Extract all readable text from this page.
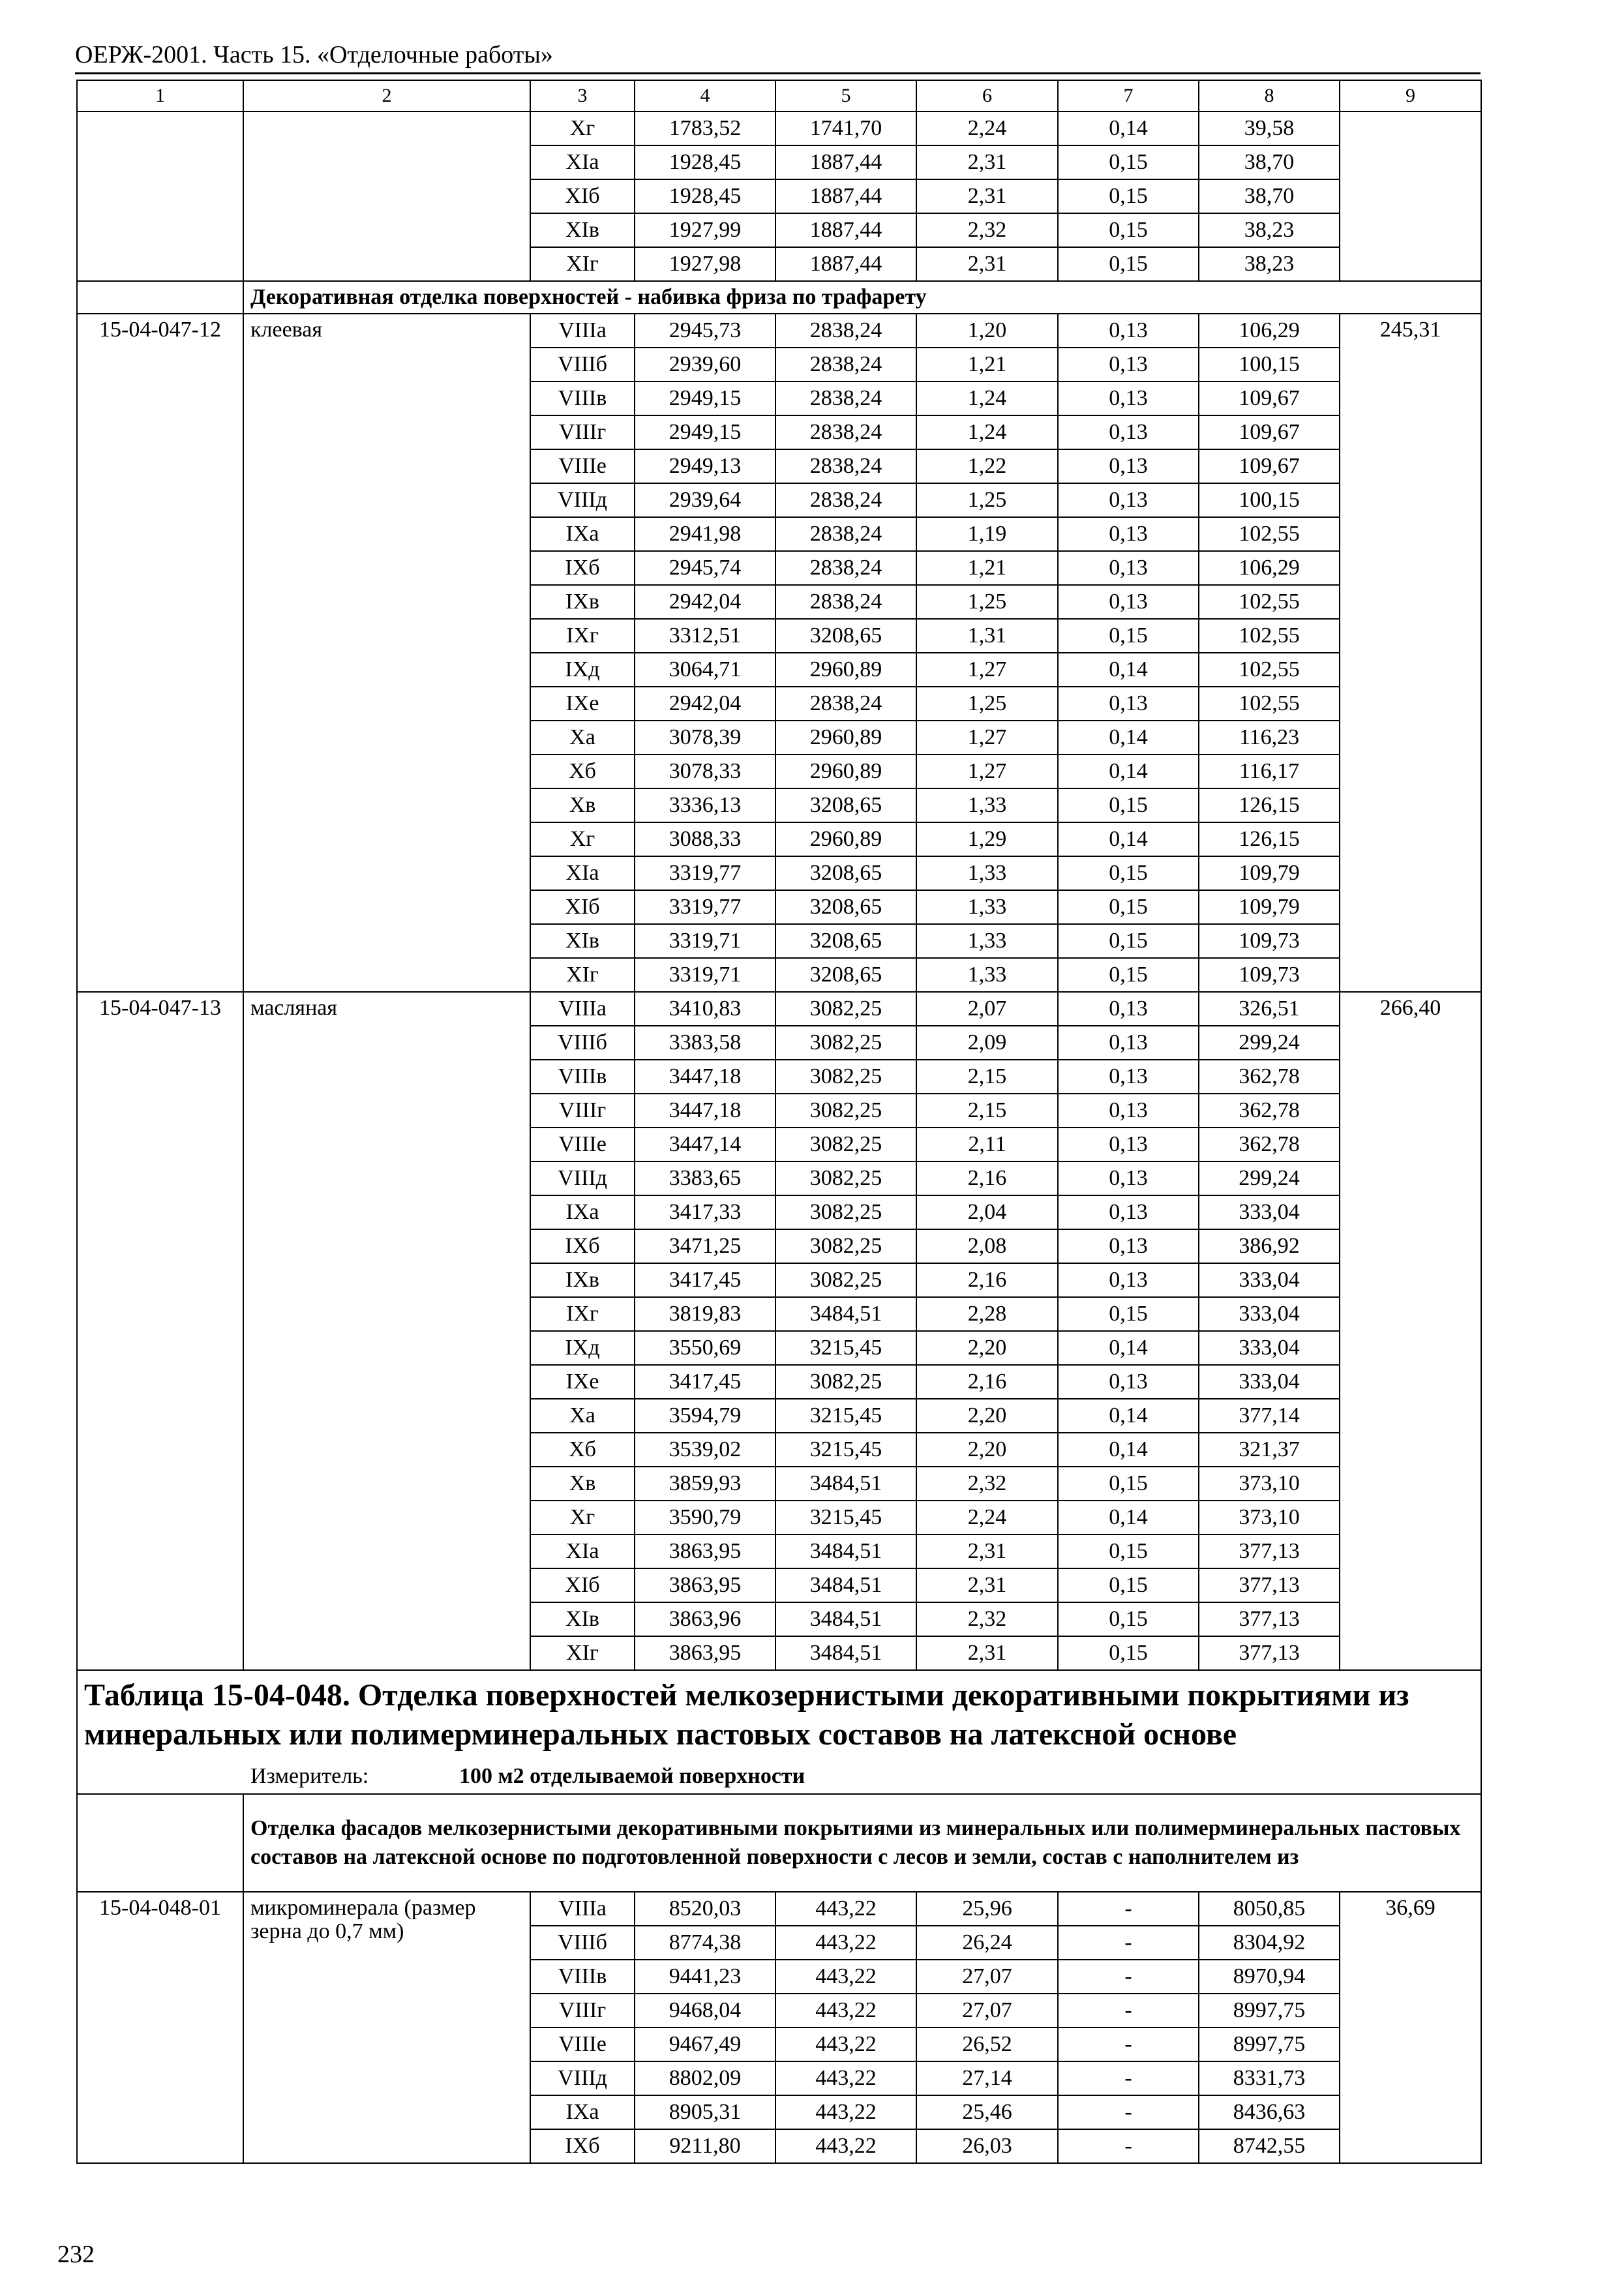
ОЕРЖ-2001. Часть 15. «Отделочные работы»
1	2	3	4	5	6	7	8	9
		Xг	1783,52	1741,70	2,24	0,14	39,58	
		XIа	1928,45	1887,44	2,31	0,15	38,70	
		XIб	1928,45	1887,44	2,31	0,15	38,70	
		XIв	1927,99	1887,44	2,32	0,15	38,23	
		XIг	1927,98	1887,44	2,31	0,15	38,23	
	Декоративная отделка поверхностей - набивка фриза по трафарету							
15-04-047-12	клеевая	VIIIа	2945,73	2838,24	1,20	0,13	106,29	245,31
		VIIIб	2939,60	2838,24	1,21	0,13	100,15	
		VIIIв	2949,15	2838,24	1,24	0,13	109,67	
		VIIIг	2949,15	2838,24	1,24	0,13	109,67	
		VIIIе	2949,13	2838,24	1,22	0,13	109,67	
		VIIIд	2939,64	2838,24	1,25	0,13	100,15	
		IXа	2941,98	2838,24	1,19	0,13	102,55	
		IXб	2945,74	2838,24	1,21	0,13	106,29	
		IXв	2942,04	2838,24	1,25	0,13	102,55	
		IXг	3312,51	3208,65	1,31	0,15	102,55	
		IXд	3064,71	2960,89	1,27	0,14	102,55	
		IXе	2942,04	2838,24	1,25	0,13	102,55	
		Xа	3078,39	2960,89	1,27	0,14	116,23	
		Xб	3078,33	2960,89	1,27	0,14	116,17	
		Xв	3336,13	3208,65	1,33	0,15	126,15	
		Xг	3088,33	2960,89	1,29	0,14	126,15	
		XIа	3319,77	3208,65	1,33	0,15	109,79	
		XIб	3319,77	3208,65	1,33	0,15	109,79	
		XIв	3319,71	3208,65	1,33	0,15	109,73	
		XIг	3319,71	3208,65	1,33	0,15	109,73	
15-04-047-13	масляная	VIIIа	3410,83	3082,25	2,07	0,13	326,51	266,40
		VIIIб	3383,58	3082,25	2,09	0,13	299,24	
		VIIIв	3447,18	3082,25	2,15	0,13	362,78	
		VIIIг	3447,18	3082,25	2,15	0,13	362,78	
		VIIIе	3447,14	3082,25	2,11	0,13	362,78	
		VIIIд	3383,65	3082,25	2,16	0,13	299,24	
		IXа	3417,33	3082,25	2,04	0,13	333,04	
		IXб	3471,25	3082,25	2,08	0,13	386,92	
		IXв	3417,45	3082,25	2,16	0,13	333,04	
		IXг	3819,83	3484,51	2,28	0,15	333,04	
		IXд	3550,69	3215,45	2,20	0,14	333,04	
		IXе	3417,45	3082,25	2,16	0,13	333,04	
		Xа	3594,79	3215,45	2,20	0,14	377,14	
		Xб	3539,02	3215,45	2,20	0,14	321,37	
		Xв	3859,93	3484,51	2,32	0,15	373,10	
		Xг	3590,79	3215,45	2,24	0,14	373,10	
		XIа	3863,95	3484,51	2,31	0,15	377,13	
		XIб	3863,95	3484,51	2,31	0,15	377,13	
		XIв	3863,96	3484,51	2,32	0,15	377,13	
		XIг	3863,95	3484,51	2,31	0,15	377,13	
Таблица 15-04-048. Отделка поверхностей мелкозернистыми декоративными покрытиями из минеральных или полимерминеральных пастовых составов на латексной основе								
Измеритель: 100 м2 отделываемой поверхности								
	Отделка фасадов мелкозернистыми декоративными покрытиями из минеральных или полимерминеральных пастовых составов на латексной основе по подготовленной поверхности с лесов и земли, состав с наполнителем из							
15-04-048-01	микроминерала (размер зерна до 0,7 мм)	VIIIа	8520,03	443,22	25,96	-	8050,85	36,69
		VIIIб	8774,38	443,22	26,24	-	8304,92	
		VIIIв	9441,23	443,22	27,07	-	8970,94	
		VIIIг	9468,04	443,22	27,07	-	8997,75	
		VIIIе	9467,49	443,22	26,52	-	8997,75	
		VIIIд	8802,09	443,22	27,14	-	8331,73	
		IXа	8905,31	443,22	25,46	-	8436,63	
		IXб	9211,80	443,22	26,03	-	8742,55	
232
